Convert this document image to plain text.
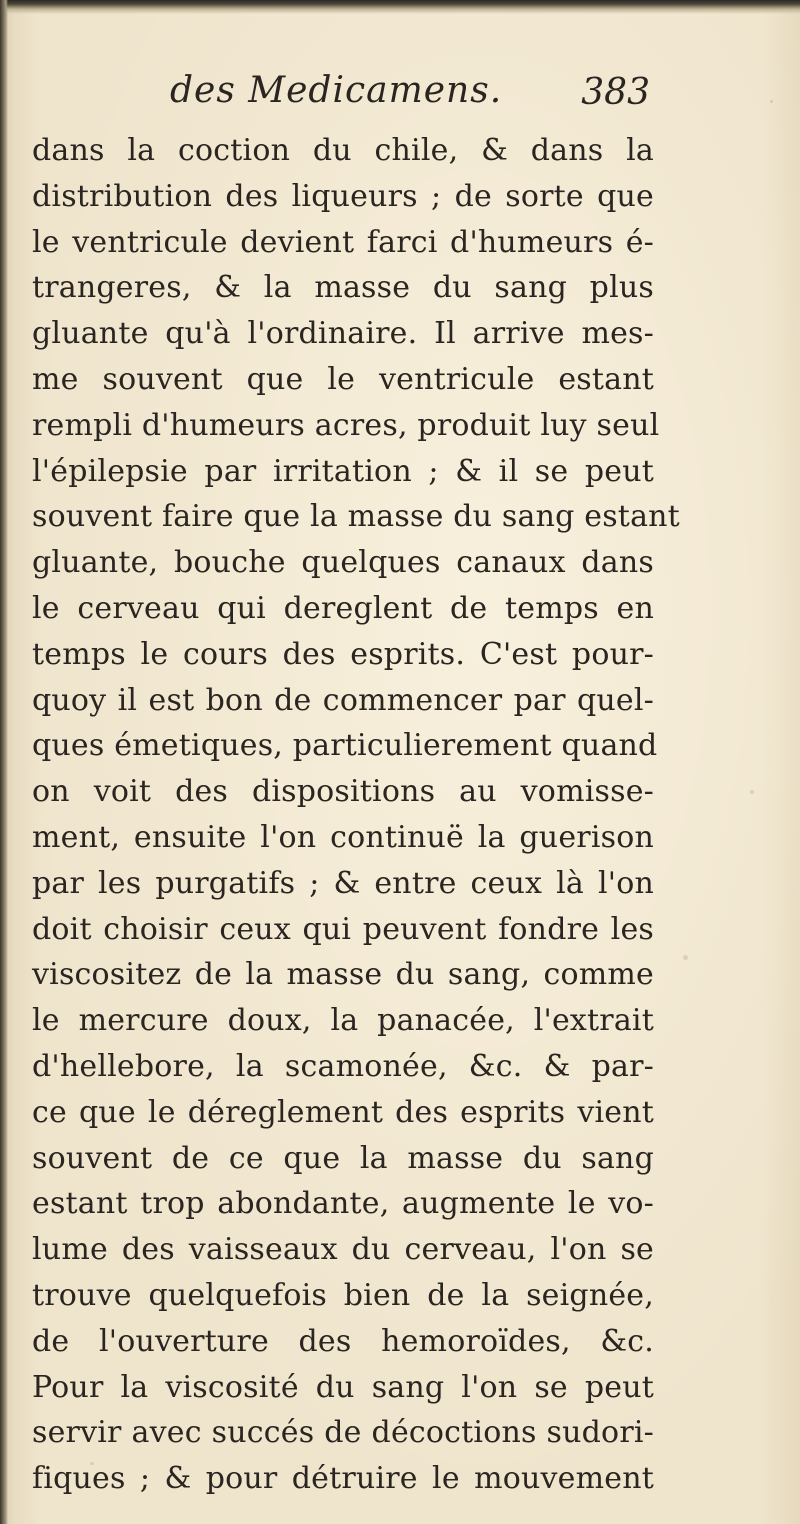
des Medicamens. 383
dans la coction du chile, & dans la
distribution des liqueurs ; de sorte que
le ventricule devient farci d'humeurs é-
trangeres, & la masse du sang plus
gluante qu'à l'ordinaire. Il arrive mes-
me souvent que le ventricule estant
rempli d'humeurs acres, produit luy seul
l'épilepsie par irritation ; & il se peut
souvent faire que la masse du sang estant
gluante, bouche quelques canaux dans
le cerveau qui dereglent de temps en
temps le cours des esprits. C'est pour-
quoy il est bon de commencer par quel-
ques émetiques, particulierement quand
on voit des dispositions au vomisse-
ment, ensuite l'on continuë la guerison
par les purgatifs ; & entre ceux là l'on
doit choisir ceux qui peuvent fondre les
viscositez de la masse du sang, comme
le mercure doux, la panacée, l'extrait
d'hellebore, la scamonée, &c. & par-
ce que le déreglement des esprits vient
souvent de ce que la masse du sang
estant trop abondante, augmente le vo-
lume des vaisseaux du cerveau, l'on se
trouve quelquefois bien de la seignée,
de l'ouverture des hemoroïdes, &c.
Pour la viscosité du sang l'on se peut
servir avec succés de décoctions sudori-
fiques ; & pour détruire le mouvement
